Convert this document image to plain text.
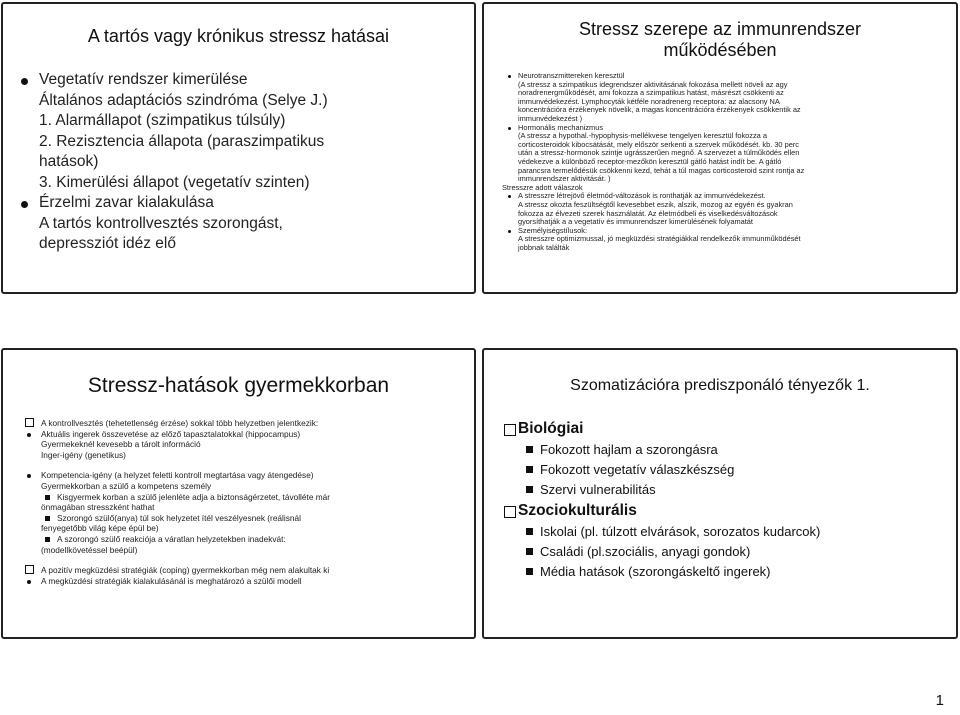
A tartós vagy krónikus stressz hatásai
Vegetatív rendszer kimerülése
Általános adaptációs szindróma (Selye J.)
1. Alarmállapot (szimpatikus túlsúly)
2. Rezisztencia állapota (paraszimpatikus
hatások)
3. Kimerülési állapot (vegetatív szinten)
Érzelmi zavar kialakulása
A tartós kontrollvesztés szorongást,
depressziót idéz elő
Stressz szerepe az immunrendszer
működésében
Neurotranszmittereken keresztül
(A stressz a szimpatikus idegrendszer aktivitásának fokozása mellett növeli az agy
noradrenergműködését, ami fokozza a szimpatikus hatást, másrészt csökkenti az
immunvédekezést. Lymphocyták kétféle noradrenerg receptora: az alacsony NA
koncentrációra érzékenyek növelik, a magas koncentrációra érzékenyek csökkentik az
immunvédekezést )
Hormonális mechanizmus
(A stressz a hypothal.-hypophysis-mellékvese tengelyen keresztül fokozza a
corticosteroidok kibocsátását, mely először serkenti a szervek működését. kb. 30 perc
után a stressz-hormonok szintje ugrásszerűen megnő. A szervezet a túlműködés ellen
védekezve a különböző receptor-mezőkön keresztül gátló hatást indít be. A gátló
parancsra termelődésük csökkenni kezd, tehát a túl magas corticosteroid szint rontja az
immunrendszer aktivitását. )
Stresszre adott válaszok
A stresszre létrejövő életmód-változások is ronthatják az immunvédekezést.
A stressz okozta feszültségtől kevesebbet eszik, alszik, mozog az egyén és gyakran
fokozza az élvezeti szerek használatát. Az életmódbeli és viselkedésváltozások
gyorsíthatják a a vegetatív és immunrendszer kimerülésének folyamatát
Személyiségstílusok:
A stresszre optimizmussal, jó megküzdési stratégiákkal rendelkezők immunműködését
jobbnak találták
Stressz-hatások gyermekkorban
A kontrollvesztés (tehetetlenség érzése) sokkal több helyzetben jelentkezik:
Aktuális ingerek összevetése az előző tapasztalatokkal (hippocampus)
Gyermekeknél kevesebb a tárolt információ
Inger-igény (genetikus)
Kompetencia-igény (a helyzet feletti kontroll megtartása vagy átengedése)
Gyermekkorban a szülő a kompetens személy
Kisgyermek korban a szülő jelenléte adja a biztonságérzetet, távolléte már
önmagában stresszként hathat
Szorongó szülő(anya) túl sok helyzetet ítél veszélyesnek (reálisnál
fenyegetőbb világ képe épül be)
A szorongó szülő reakciója a váratlan helyzetekben inadekvát:
(modellkövetéssel beépül)
A pozitív megküzdési stratégiák (coping) gyermekkorban még nem alakultak ki
A megküzdési stratégiák kialakulásánál is meghatározó a szülői modell
Szomatizációra prediszponáló tényezők 1.
Biológiai
Fokozott hajlam a szorongásra
Fokozott vegetatív válaszkészség
Szervi vulnerabilitás
Szociokulturális
Iskolai (pl. túlzott elvárások, sorozatos kudarcok)
Családi (pl.szociális, anyagi gondok)
Média hatások (szorongáskeltő ingerek)
1
